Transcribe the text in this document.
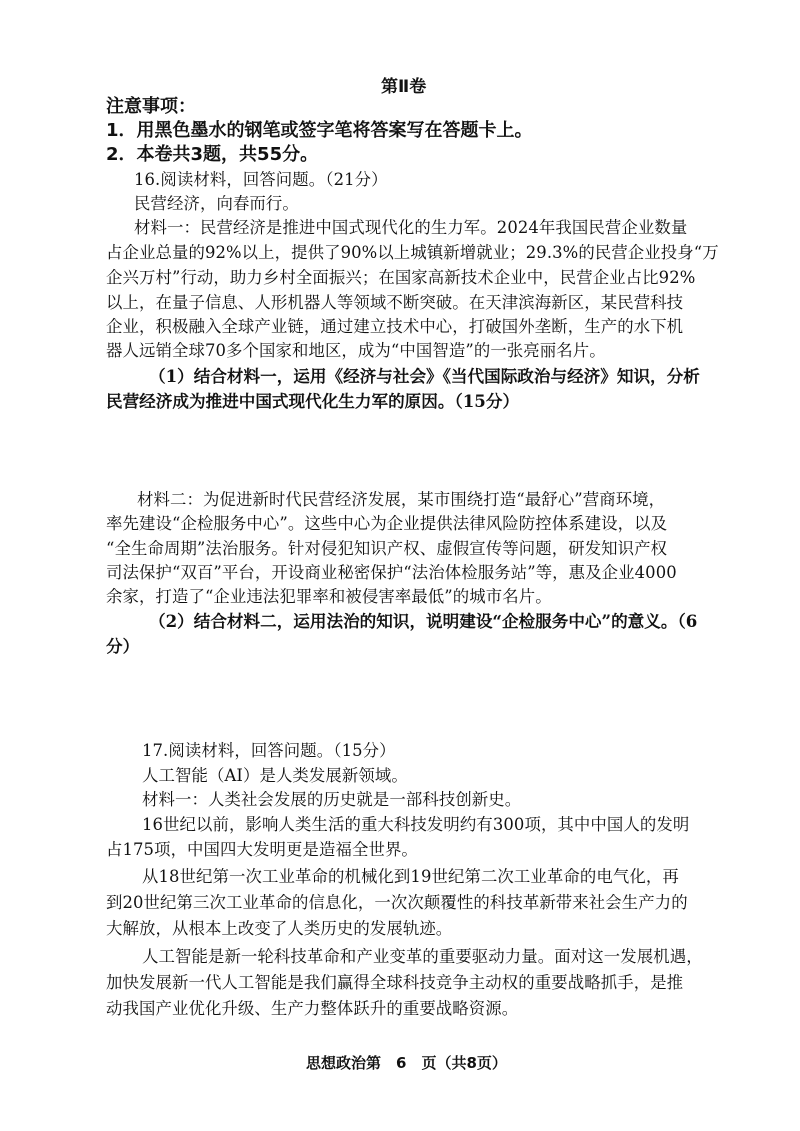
第Ⅱ卷
注意事项：
1．用黑色墨水的钢笔或签字笔将答案写在答题卡上。
2．本卷共3题，共55分。
16.阅读材料，回答问题。（21分）
民营经济，向春而行。
材料一：民营经济是推进中国式现代化的生力军。2024年我国民营企业数量
占企业总量的92%以上，提供了90%以上城镇新增就业；29.3%的民营企业投身“万
企兴万村”行动，助力乡村全面振兴；在国家高新技术企业中，民营企业占比92%
以上，在量子信息、人形机器人等领域不断突破。在天津滨海新区，某民营科技
企业，积极融入全球产业链，通过建立技术中心，打破国外垄断，生产的水下机
器人远销全球70多个国家和地区，成为“中国智造”的一张亮丽名片。
（1）结合材料一，运用《经济与社会》《当代国际政治与经济》知识，分析
民营经济成为推进中国式现代化生力军的原因。（15分）
材料二：为促进新时代民营经济发展，某市围绕打造“最舒心”营商环境，
率先建设“企检服务中心”。这些中心为企业提供法律风险防控体系建设，以及
“全生命周期”法治服务。针对侵犯知识产权、虚假宣传等问题，研发知识产权
司法保护“双百”平台，开设商业秘密保护“法治体检服务站”等，惠及企业4000
余家，打造了“企业违法犯罪率和被侵害率最低”的城市名片。
（2）结合材料二，运用法治的知识，说明建设“企检服务中心”的意义。（6
分）
17.阅读材料，回答问题。（15分）
人工智能（AI）是人类发展新领域。
材料一：人类社会发展的历史就是一部科技创新史。
16世纪以前，影响人类生活的重大科技发明约有300项，其中中国人的发明
占175项，中国四大发明更是造福全世界。
从18世纪第一次工业革命的机械化到19世纪第二次工业革命的电气化，再
到20世纪第三次工业革命的信息化，一次次颠覆性的科技革新带来社会生产力的
大解放，从根本上改变了人类历史的发展轨迹。
人工智能是新一轮科技革命和产业变革的重要驱动力量。面对这一发展机遇，
加快发展新一代人工智能是我们赢得全球科技竞争主动权的重要战略抓手，是推
动我国产业优化升级、生产力整体跃升的重要战略资源。
思想政治第　6　页（共8页）
